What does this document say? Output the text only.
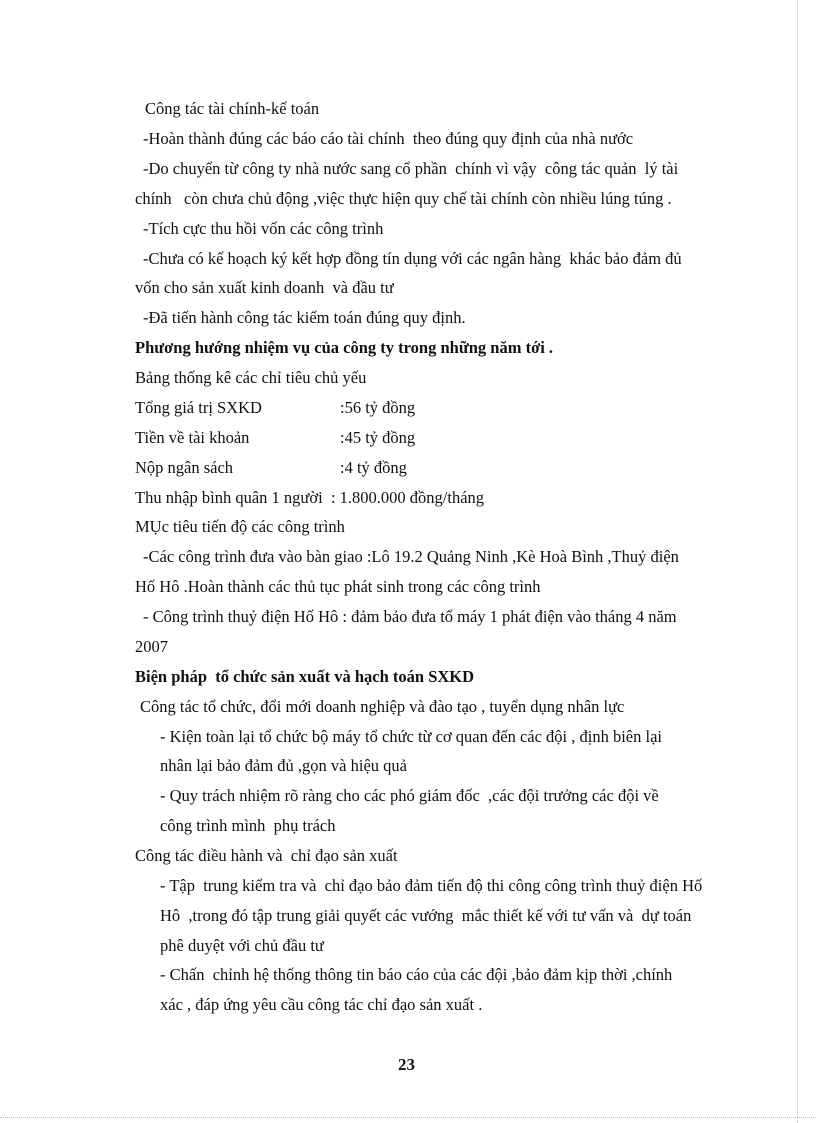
Công tác tài chính-kế toán

-Hoàn thành đúng các báo cáo tài chính  theo đúng quy định của nhà nước

-Do chuyển từ công ty nhà nước sang cổ phần  chính vì vậy  công tác quản  lý tài

chính   còn chưa chủ động ,việc thực hiện quy chế tài chính còn nhiều lúng túng .

-Tích cực thu hồi vốn các công trình

-Chưa có kế hoạch ký kết hợp đồng tín dụng với các ngân hàng  khác bảo đảm đủ

vốn cho sản xuất kinh doanh  và đầu tư

-Đã tiến hành công tác kiểm toán đúng quy định.

Phương hướng nhiệm vụ của công ty trong những năm tới .

Bảng thống kê các chỉ tiêu chủ yếu

Tổng giá trị SXKD	:56 tỷ đồng

Tiền về tài khoản	:45 tỷ đồng

Nộp ngân sách	:4 tỷ đồng

Thu nhập bình quân 1 người  : 1.800.000 đồng/tháng

MỤc tiêu tiến độ các công trình

-Các công trình đưa vào bàn giao :Lô 19.2 Quảng Ninh ,Kè Hoà Bình ,Thuỷ điện

Hố Hô .Hoàn thành các thủ tục phát sinh trong các công trình

- Công trình thuỷ điện Hố Hô : đảm bảo đưa tổ máy 1 phát điện vào tháng 4 năm

2007

Biện pháp  tổ chức sản xuất và hạch toán SXKD

Công tác tổ chức, đổi mới doanh nghiệp và đào tạo , tuyển dụng nhân lực

- Kiện toàn lại tổ chức bộ máy tổ chức từ cơ quan đến các đội , định biên lại

nhân lại bảo đảm đủ ,gọn và hiệu quả

- Quy trách nhiệm rõ ràng cho các phó giám đốc  ,các đội trưởng các đội về

công trình mình  phụ trách

Công tác điều hành và  chỉ đạo sản xuất

- Tập  trung kiểm tra và  chỉ đạo bảo đảm tiến độ thi công công trình thuỷ điện Hố

Hô  ,trong đó tập trung giải quyết các vướng  mắc thiết kế với tư vấn và  dự toán

phê duyệt với chủ đầu tư

- Chấn  chỉnh hệ thống thông tin báo cáo của các đội ,bảo đảm kịp thời ,chính

xác , đáp ứng yêu cầu công tác chỉ đạo sản xuất .

23
